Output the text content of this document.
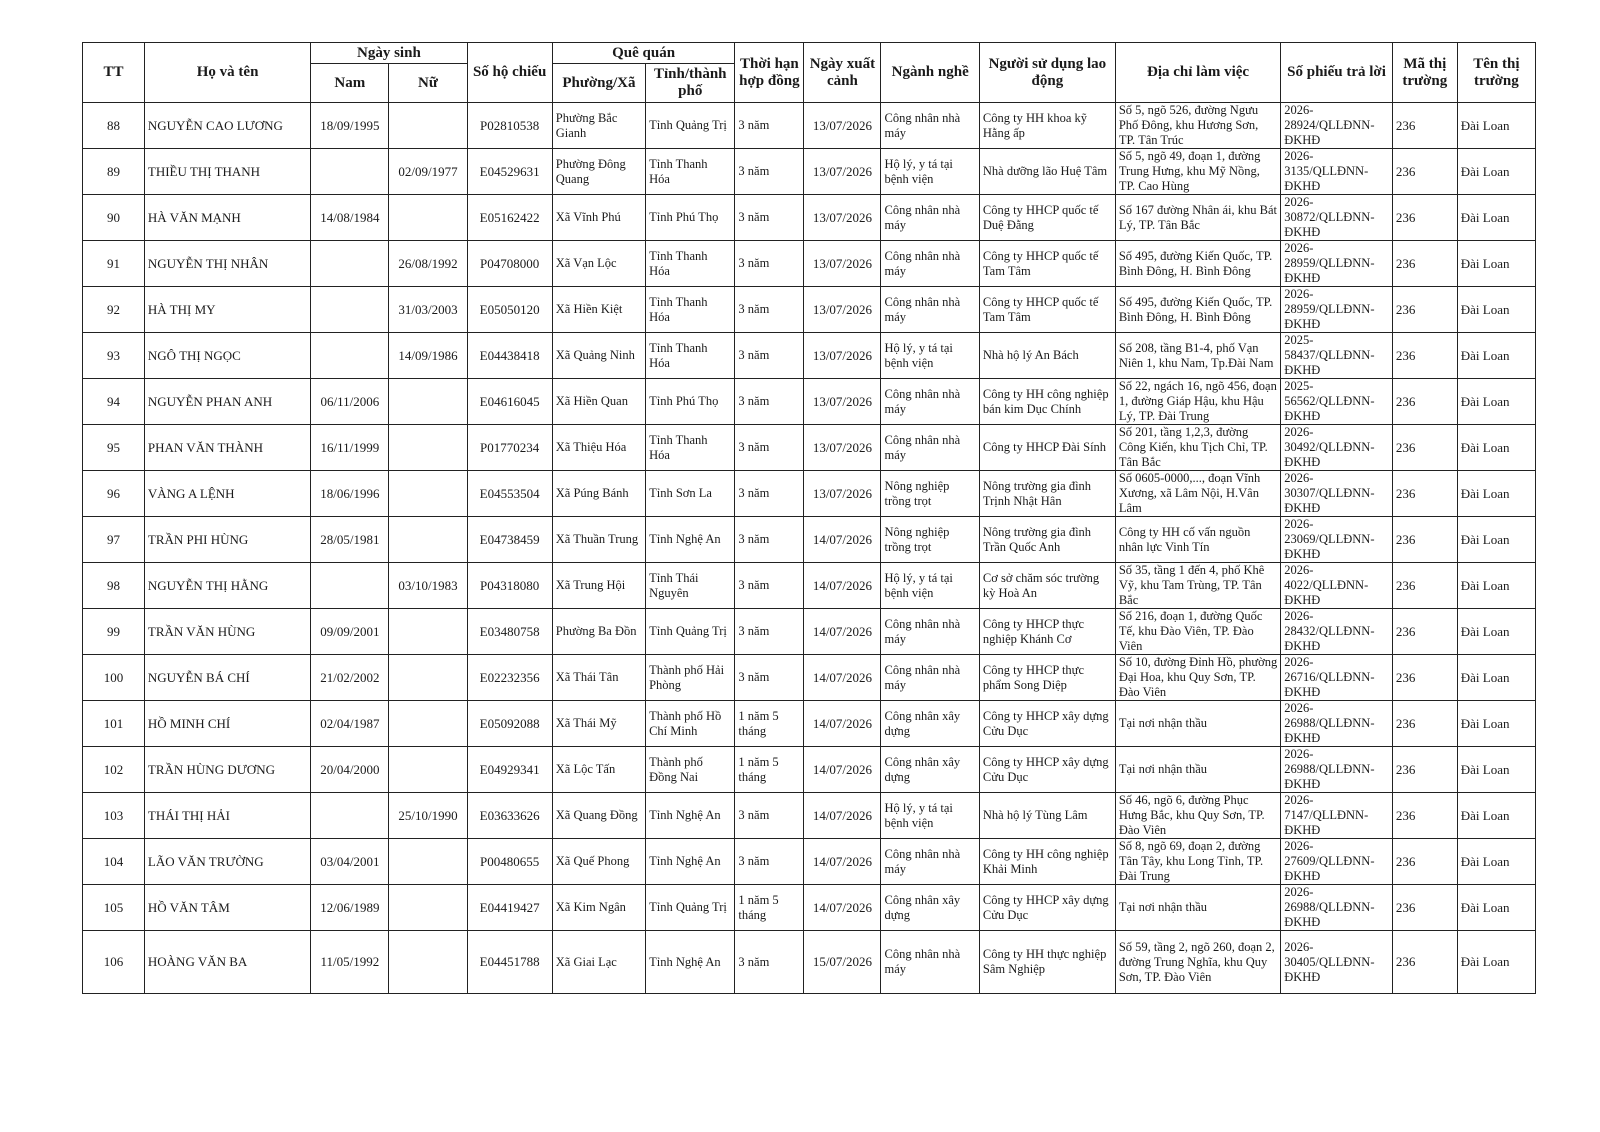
TT	Họ và tên	Ngày sinh		Số hộ chiếu	Quê quán		Thời hạn hợp đồng	Ngày xuất cảnh	Ngành nghề	Người sử dụng lao động	Địa chỉ làm việc	Số phiếu trả lời	Mã thị trường	Tên thị trường
		Nam	Nữ		Phường/Xã	Tỉnh/thành phố								
88	NGUYỄN CAO LƯƠNG	18/09/1995		P02810538	Phường Bắc Gianh	Tỉnh Quảng Trị	3 năm	13/07/2026	Công nhân nhà máy	Công ty HH khoa kỹ Hằng ấp	Số 5, ngõ 526, đường Ngưu Phố Đông, khu Hương Sơn, TP. Tân Trúc	2026-28924/QLLĐNN-ĐKHĐ	236	Đài Loan
89	THIỀU THỊ THANH		02/09/1977	E04529631	Phường Đông Quang	Tỉnh Thanh Hóa	3 năm	13/07/2026	Hộ lý, y tá tại bệnh viện	Nhà dưỡng lão Huệ Tâm	Số 5, ngõ 49, đoạn 1, đường Trung Hưng, khu Mỹ Nồng, TP. Cao Hùng	2026-3135/QLLĐNN-ĐKHĐ	236	Đài Loan
90	HÀ VĂN MẠNH	14/08/1984		E05162422	Xã Vĩnh Phú	Tỉnh Phú Thọ	3 năm	13/07/2026	Công nhân nhà máy	Công ty HHCP quốc tế Duệ Đằng	Số 167 đường Nhân ái, khu Bát Lý, TP. Tân Bắc	2026-30872/QLLĐNN-ĐKHĐ	236	Đài Loan
91	NGUYỄN THỊ NHÂN		26/08/1992	P04708000	Xã Vạn Lộc	Tỉnh Thanh Hóa	3 năm	13/07/2026	Công nhân nhà máy	Công ty HHCP quốc tế Tam Tâm	Số 495, đường Kiến Quốc, TP. Bình Đông, H. Bình Đông	2026-28959/QLLĐNN-ĐKHĐ	236	Đài Loan
92	HÀ THỊ MY		31/03/2003	E05050120	Xã Hiền Kiệt	Tỉnh Thanh Hóa	3 năm	13/07/2026	Công nhân nhà máy	Công ty HHCP quốc tế Tam Tâm	Số 495, đường Kiến Quốc, TP. Bình Đông, H. Bình Đông	2026-28959/QLLĐNN-ĐKHĐ	236	Đài Loan
93	NGÔ THỊ NGỌC		14/09/1986	E04438418	Xã Quảng Ninh	Tỉnh Thanh Hóa	3 năm	13/07/2026	Hộ lý, y tá tại bệnh viện	Nhà hộ lý An Bách	Số 208, tầng B1-4, phố Vạn Niên 1, khu Nam, Tp.Đài Nam	2025-58437/QLLĐNN-ĐKHĐ	236	Đài Loan
94	NGUYỄN PHAN ANH	06/11/2006		E04616045	Xã Hiền Quan	Tỉnh Phú Thọ	3 năm	13/07/2026	Công nhân nhà máy	Công ty HH công nghiệp bán kim Dục Chính	Số 22, ngách 16, ngõ 456, đoạn 1, đường Giáp Hậu, khu Hậu Lý, TP. Đài Trung	2025-56562/QLLĐNN-ĐKHĐ	236	Đài Loan
95	PHAN VĂN THÀNH	16/11/1999		P01770234	Xã Thiệu Hóa	Tỉnh Thanh Hóa	3 năm	13/07/2026	Công nhân nhà máy	Công ty HHCP Đài Sính	Số 201, tầng 1,2,3, đường Công Kiến, khu Tịch Chỉ, TP. Tân Bắc	2026-30492/QLLĐNN-ĐKHĐ	236	Đài Loan
96	VÀNG A LỆNH	18/06/1996		E04553504	Xã Púng Bánh	Tỉnh Sơn La	3 năm	13/07/2026	Nông nghiệp trồng trọt	Nông trường gia đình Trịnh Nhật Hân	Số 0605-0000,..., đoạn Vĩnh Xương, xã Lâm Nội, H.Vân Lâm	2026-30307/QLLĐNN-ĐKHĐ	236	Đài Loan
97	TRẦN PHI HÙNG	28/05/1981		E04738459	Xã Thuần Trung	Tỉnh Nghệ An	3 năm	14/07/2026	Nông nghiệp trồng trọt	Nông trường gia đình Trần Quốc Anh	Công ty HH cố vấn nguồn nhân lực Vinh Tín	2026-23069/QLLĐNN-ĐKHĐ	236	Đài Loan
98	NGUYỄN THỊ HẰNG		03/10/1983	P04318080	Xã Trung Hội	Tỉnh Thái Nguyên	3 năm	14/07/2026	Hộ lý, y tá tại bệnh viện	Cơ sở chăm sóc trường kỳ Hoà An	Số 35, tầng 1 đến 4, phố Khê Vỹ, khu Tam Trùng, TP. Tân Bắc	2026-4022/QLLĐNN-ĐKHĐ	236	Đài Loan
99	TRẦN VĂN HÙNG	09/09/2001		E03480758	Phường Ba Đồn	Tỉnh Quảng Trị	3 năm	14/07/2026	Công nhân nhà máy	Công ty HHCP thực nghiệp Khánh Cơ	Số 216, đoạn 1, đường Quốc Tế, khu Đào Viên, TP. Đào Viên	2026-28432/QLLĐNN-ĐKHĐ	236	Đài Loan
100	NGUYỄN BÁ CHÍ	21/02/2002		E02232356	Xã Thái Tân	Thành phố Hải Phòng	3 năm	14/07/2026	Công nhân nhà máy	Công ty HHCP thực phẩm Song Diệp	Số 10, đường Đỉnh Hồ, phường Đại Hoa, khu Quy Sơn, TP. Đào Viên	2026-26716/QLLĐNN-ĐKHĐ	236	Đài Loan
101	HỒ MINH CHÍ	02/04/1987		E05092088	Xã Thái Mỹ	Thành phố Hồ Chí Minh	1 năm 5 tháng	14/07/2026	Công nhân xây dựng	Công ty HHCP xây dựng Cửu Dục	Tại nơi nhận thầu	2026-26988/QLLĐNN-ĐKHĐ	236	Đài Loan
102	TRẦN HÙNG DƯƠNG	20/04/2000		E04929341	Xã Lộc Tấn	Thành phố Đồng Nai	1 năm 5 tháng	14/07/2026	Công nhân xây dựng	Công ty HHCP xây dựng Cửu Dục	Tại nơi nhận thầu	2026-26988/QLLĐNN-ĐKHĐ	236	Đài Loan
103	THÁI THỊ HẢI		25/10/1990	E03633626	Xã Quang Đồng	Tỉnh Nghệ An	3 năm	14/07/2026	Hộ lý, y tá tại bệnh viện	Nhà hộ lý Tùng Lâm	Số 46, ngõ 6, đường Phục Hưng Bắc, khu Quy Sơn, TP. Đào Viên	2026-7147/QLLĐNN-ĐKHĐ	236	Đài Loan
104	LÃO VĂN TRƯỜNG	03/04/2001		P00480655	Xã Quế Phong	Tỉnh Nghệ An	3 năm	14/07/2026	Công nhân nhà máy	Công ty HH công nghiệp Khải Minh	Số 8, ngõ 69, đoạn 2, đường Tân Tây, khu Long Tỉnh, TP. Đài Trung	2026-27609/QLLĐNN-ĐKHĐ	236	Đài Loan
105	HỒ VĂN TÂM	12/06/1989		E04419427	Xã Kim Ngân	Tỉnh Quảng Trị	1 năm 5 tháng	14/07/2026	Công nhân xây dựng	Công ty HHCP xây dựng Cửu Dục	Tại nơi nhận thầu	2026-26988/QLLĐNN-ĐKHĐ	236	Đài Loan
106	HOÀNG VĂN BA	11/05/1992		E04451788	Xã Giai Lạc	Tỉnh Nghệ An	3 năm	15/07/2026	Công nhân nhà máy	Công ty HH thực nghiệp Sâm Nghiệp	Số 59, tầng 2, ngõ 260, đoạn 2, đường Trung Nghĩa, khu Quy Sơn, TP. Đào Viên	2026-30405/QLLĐNN-ĐKHĐ	236	Đài Loan
